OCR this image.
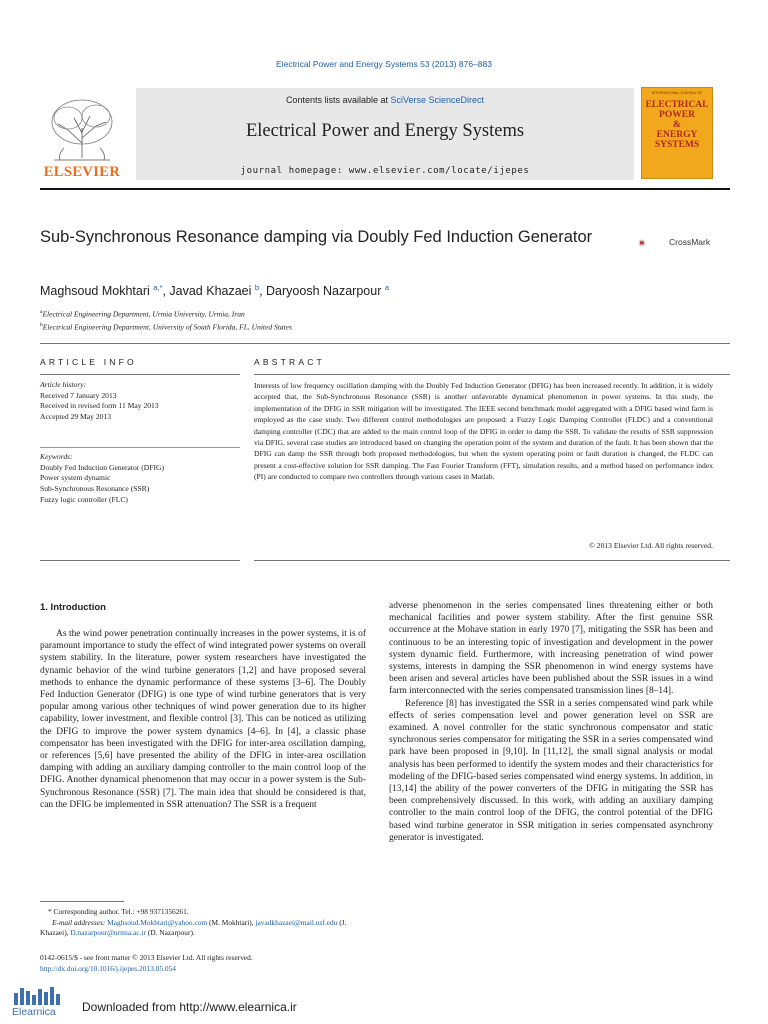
Electrical Power and Energy Systems 53 (2013) 876–883
Contents lists available at SciVerse ScienceDirect
Electrical Power and Energy Systems
journal homepage: www.elsevier.com/locate/ijepes
ELSEVIER
INTERNATIONAL JOURNAL OF
ELECTRICAL
POWER
&
ENERGY
SYSTEMS
Sub-Synchronous Resonance damping via Doubly Fed Induction Generator	CrossMark
Maghsoud Mokhtari $^{a,*}$, Javad Khazaei $^b$, Daryoosh Nazarpour $^a$
$^a$Electrical Engineering Department, Urmia University, Urmia, Iran
$^b$Electrical Engineering Department, University of South Florida, FL, United States
ARTICLE INFO	ABSTRACT
Article history:
Received 7 January 2013
Received in revised form 11 May 2013
Accepted 29 May 2013
Keywords:
Doubly Fed Induction Generator (DFIG)
Power system dynamic
Sub-Synchronous Resonance (SSR)
Fuzzy logic controller (FLC)
Interests of low frequency oscillation damping with the Doubly Fed Induction Generator (DFIG) has been increased recently. In addition, it is widely accepted that, the Sub-Synchronous Resonance (SSR) is another unfavorable dynamical phenomenon in power systems. In this study, the implementation of the DFIG in SSR mitigation will be investigated. The IEEE second benchmark model aggregated with a DFIG based wind farm is employed as the case study. Two different control methodologies are proposed: a Fuzzy Logic Damping Controller (FLDC) and a conventional damping controller (CDC) that are added to the main control loop of the DFIG in order to damp the SSR. To validate the results of SSR suppression via DFIG, several case studies are introduced based on changing the operation point of the system and duration of the fault. It has been shown that the DFIG can damp the SSR through both proposed methodologies, but when the system operating point or fault duration is changed, the FLDC can present a cost-effective solution for SSR damping. The Fast Fourier Transform (FFT), simulation results, and a method based on performance index (PI) are conducted to compare two controllers through various cases in Matlab.
© 2013 Elsevier Ltd. All rights reserved.
1. Introduction
As the wind power penetration continually increases in the power systems, it is of paramount importance to study the effect of wind integrated power systems on overall system stability. In the literature, power system researchers have investigated the dynamic behavior of the wind turbine generators [1,2] and have proposed several methods to enhance the dynamic performance of these systems [3–6]. The Doubly Fed Induction Generator (DFIG) is one type of wind turbine generators that is very popular among various other techniques of wind power generation due to its higher capability, lower investment, and flexible control [3]. This can be noticed as utilizing the DFIG to improve the power system dynamics [4–6]. In [4], a classic phase compensator has been investigated with the DFIG for inter-area oscillation damping, or references [5,6] have presented the ability of the DFIG in inter-area oscillation damping with adding an auxiliary damping controller to the main control loop of the DFIG. Another dynamical phenomenon that may occur in a power system is the Sub-Synchronous Resonance (SSR) [7]. The main idea that should be considered is that, can the DFIG be implemented in SSR attenuation? The SSR is a frequent

adverse phenomenon in the series compensated lines threatening either or both mechanical facilities and power system stability. After the first genuine SSR occurrence at the Mohave station in early 1970 [7], mitigating the SSR has been and continuous to be an interesting topic of investigation and development in the power system dynamic field. Furthermore, with increasing penetration of wind power systems, interests in damping the SSR phenomenon in wind energy systems have been arisen and several articles have been published about the SSR issues in a wind farm interconnected with the series compensated transmission lines [8–14].

Reference [8] has investigated the SSR in a series compensated wind park while effects of series compensation level and power generation level on SSR are examined. A novel controller for the static synchronous compensator and static synchronous series compensator for mitigating the SSR in a series compensated wind park have been proposed in [9,10]. In [11,12], the small signal analysis or modal analysis has been performed to identify the system modes and their characteristics for modeling of the DFIG-based series compensated wind energy systems. In addition, in [13,14] the ability of the power converters of the DFIG in mitigating the SSR has been comprehensively discussed. In this work, with adding an auxiliary damping controller to the main control loop of the DFIG, the control potential of the DFIG based wind turbine generator in SSR mitigation in series compensated asynchrony generator is investigated.

* Corresponding author. Tel.: +98 9371356261.
E-mail addresses: Maghsoud.Mokhtari@yahoo.com (M. Mokhtari), javadkhazaei@mail.usf.edu (J. Khazaei), D.nazarpour@urmia.ac.ir (D. Nazarpour).
0142-0615/$ - see front matter © 2013 Elsevier Ltd. All rights reserved.
http://dx.doi.org/10.1016/j.ijepes.2013.05.054
Elearnica Downloaded from http://www.elearnica.ir
